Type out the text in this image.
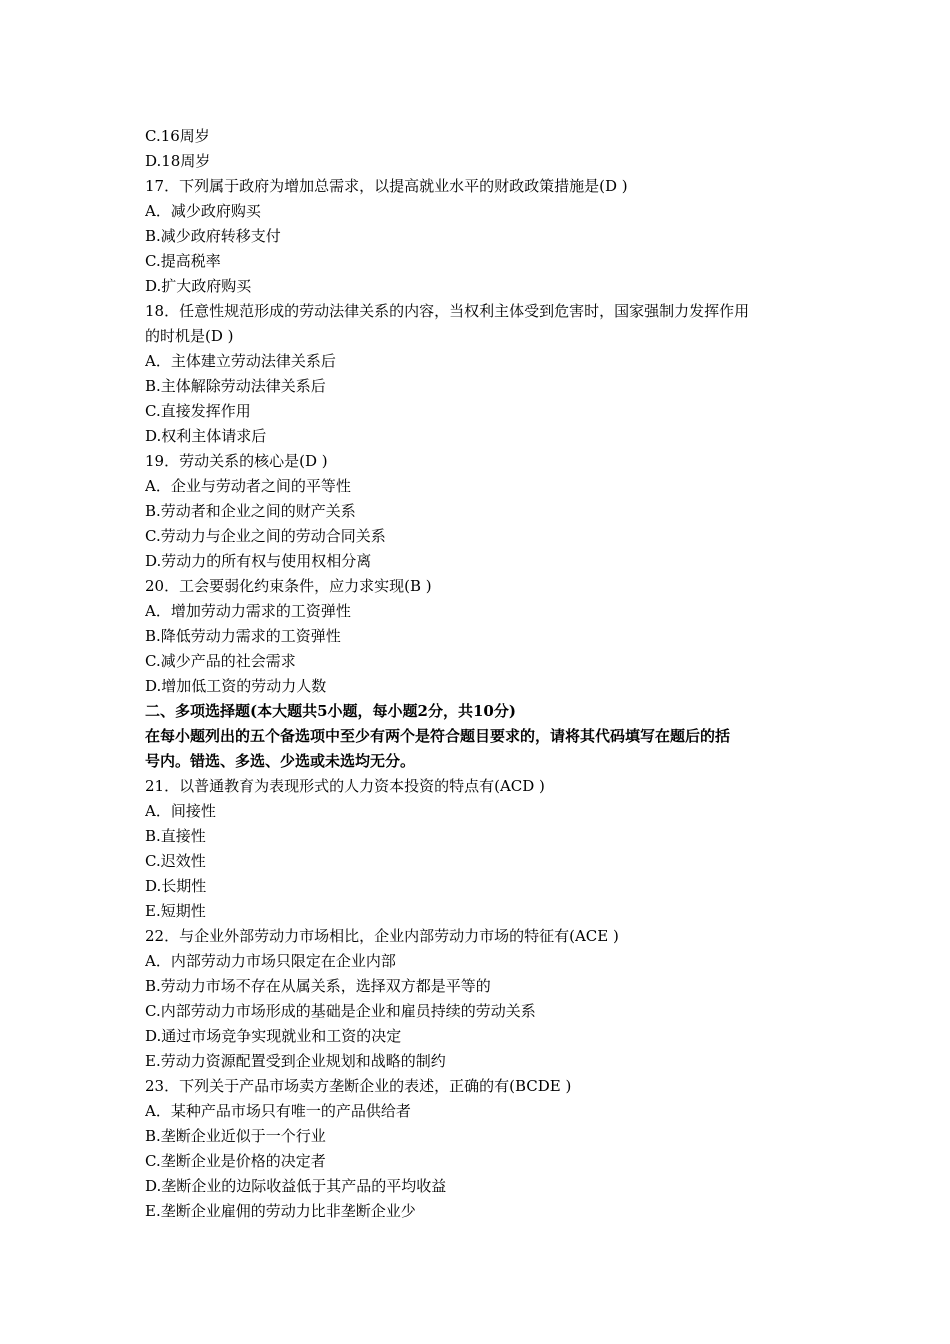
C.16周岁
D.18周岁
17．下列属于政府为增加总需求，以提高就业水平的财政政策措施是(D )
A．减少政府购买
B.减少政府转移支付
C.提高税率
D.扩大政府购买
18．任意性规范形成的劳动法律关系的内容，当权利主体受到危害时，国家强制力发挥作用
的时机是(D )
A．主体建立劳动法律关系后
B.主体解除劳动法律关系后
C.直接发挥作用
D.权利主体请求后
19．劳动关系的核心是(D )
A．企业与劳动者之间的平等性
B.劳动者和企业之间的财产关系
C.劳动力与企业之间的劳动合同关系
D.劳动力的所有权与使用权相分离
20．工会要弱化约束条件，应力求实现(B )
A．增加劳动力需求的工资弹性
B.降低劳动力需求的工资弹性
C.减少产品的社会需求
D.增加低工资的劳动力人数
二、多项选择题(本大题共5小题，每小题2分，共10分)
在每小题列出的五个备选项中至少有两个是符合题目要求的，请将其代码填写在题后的括
号内。错选、多选、少选或未选均无分。
21．以普通教育为表现形式的人力资本投资的特点有(ACD )
A．间接性
B.直接性
C.迟效性
D.长期性
E.短期性
22．与企业外部劳动力市场相比，企业内部劳动力市场的特征有(ACE )
A．内部劳动力市场只限定在企业内部
B.劳动力市场不存在从属关系，选择双方都是平等的
C.内部劳动力市场形成的基础是企业和雇员持续的劳动关系
D.通过市场竞争实现就业和工资的决定
E.劳动力资源配置受到企业规划和战略的制约
23．下列关于产品市场卖方垄断企业的表述，正确的有(BCDE )
A．某种产品市场只有唯一的产品供给者
B.垄断企业近似于一个行业
C.垄断企业是价格的决定者
D.垄断企业的边际收益低于其产品的平均收益
E.垄断企业雇佣的劳动力比非垄断企业少
